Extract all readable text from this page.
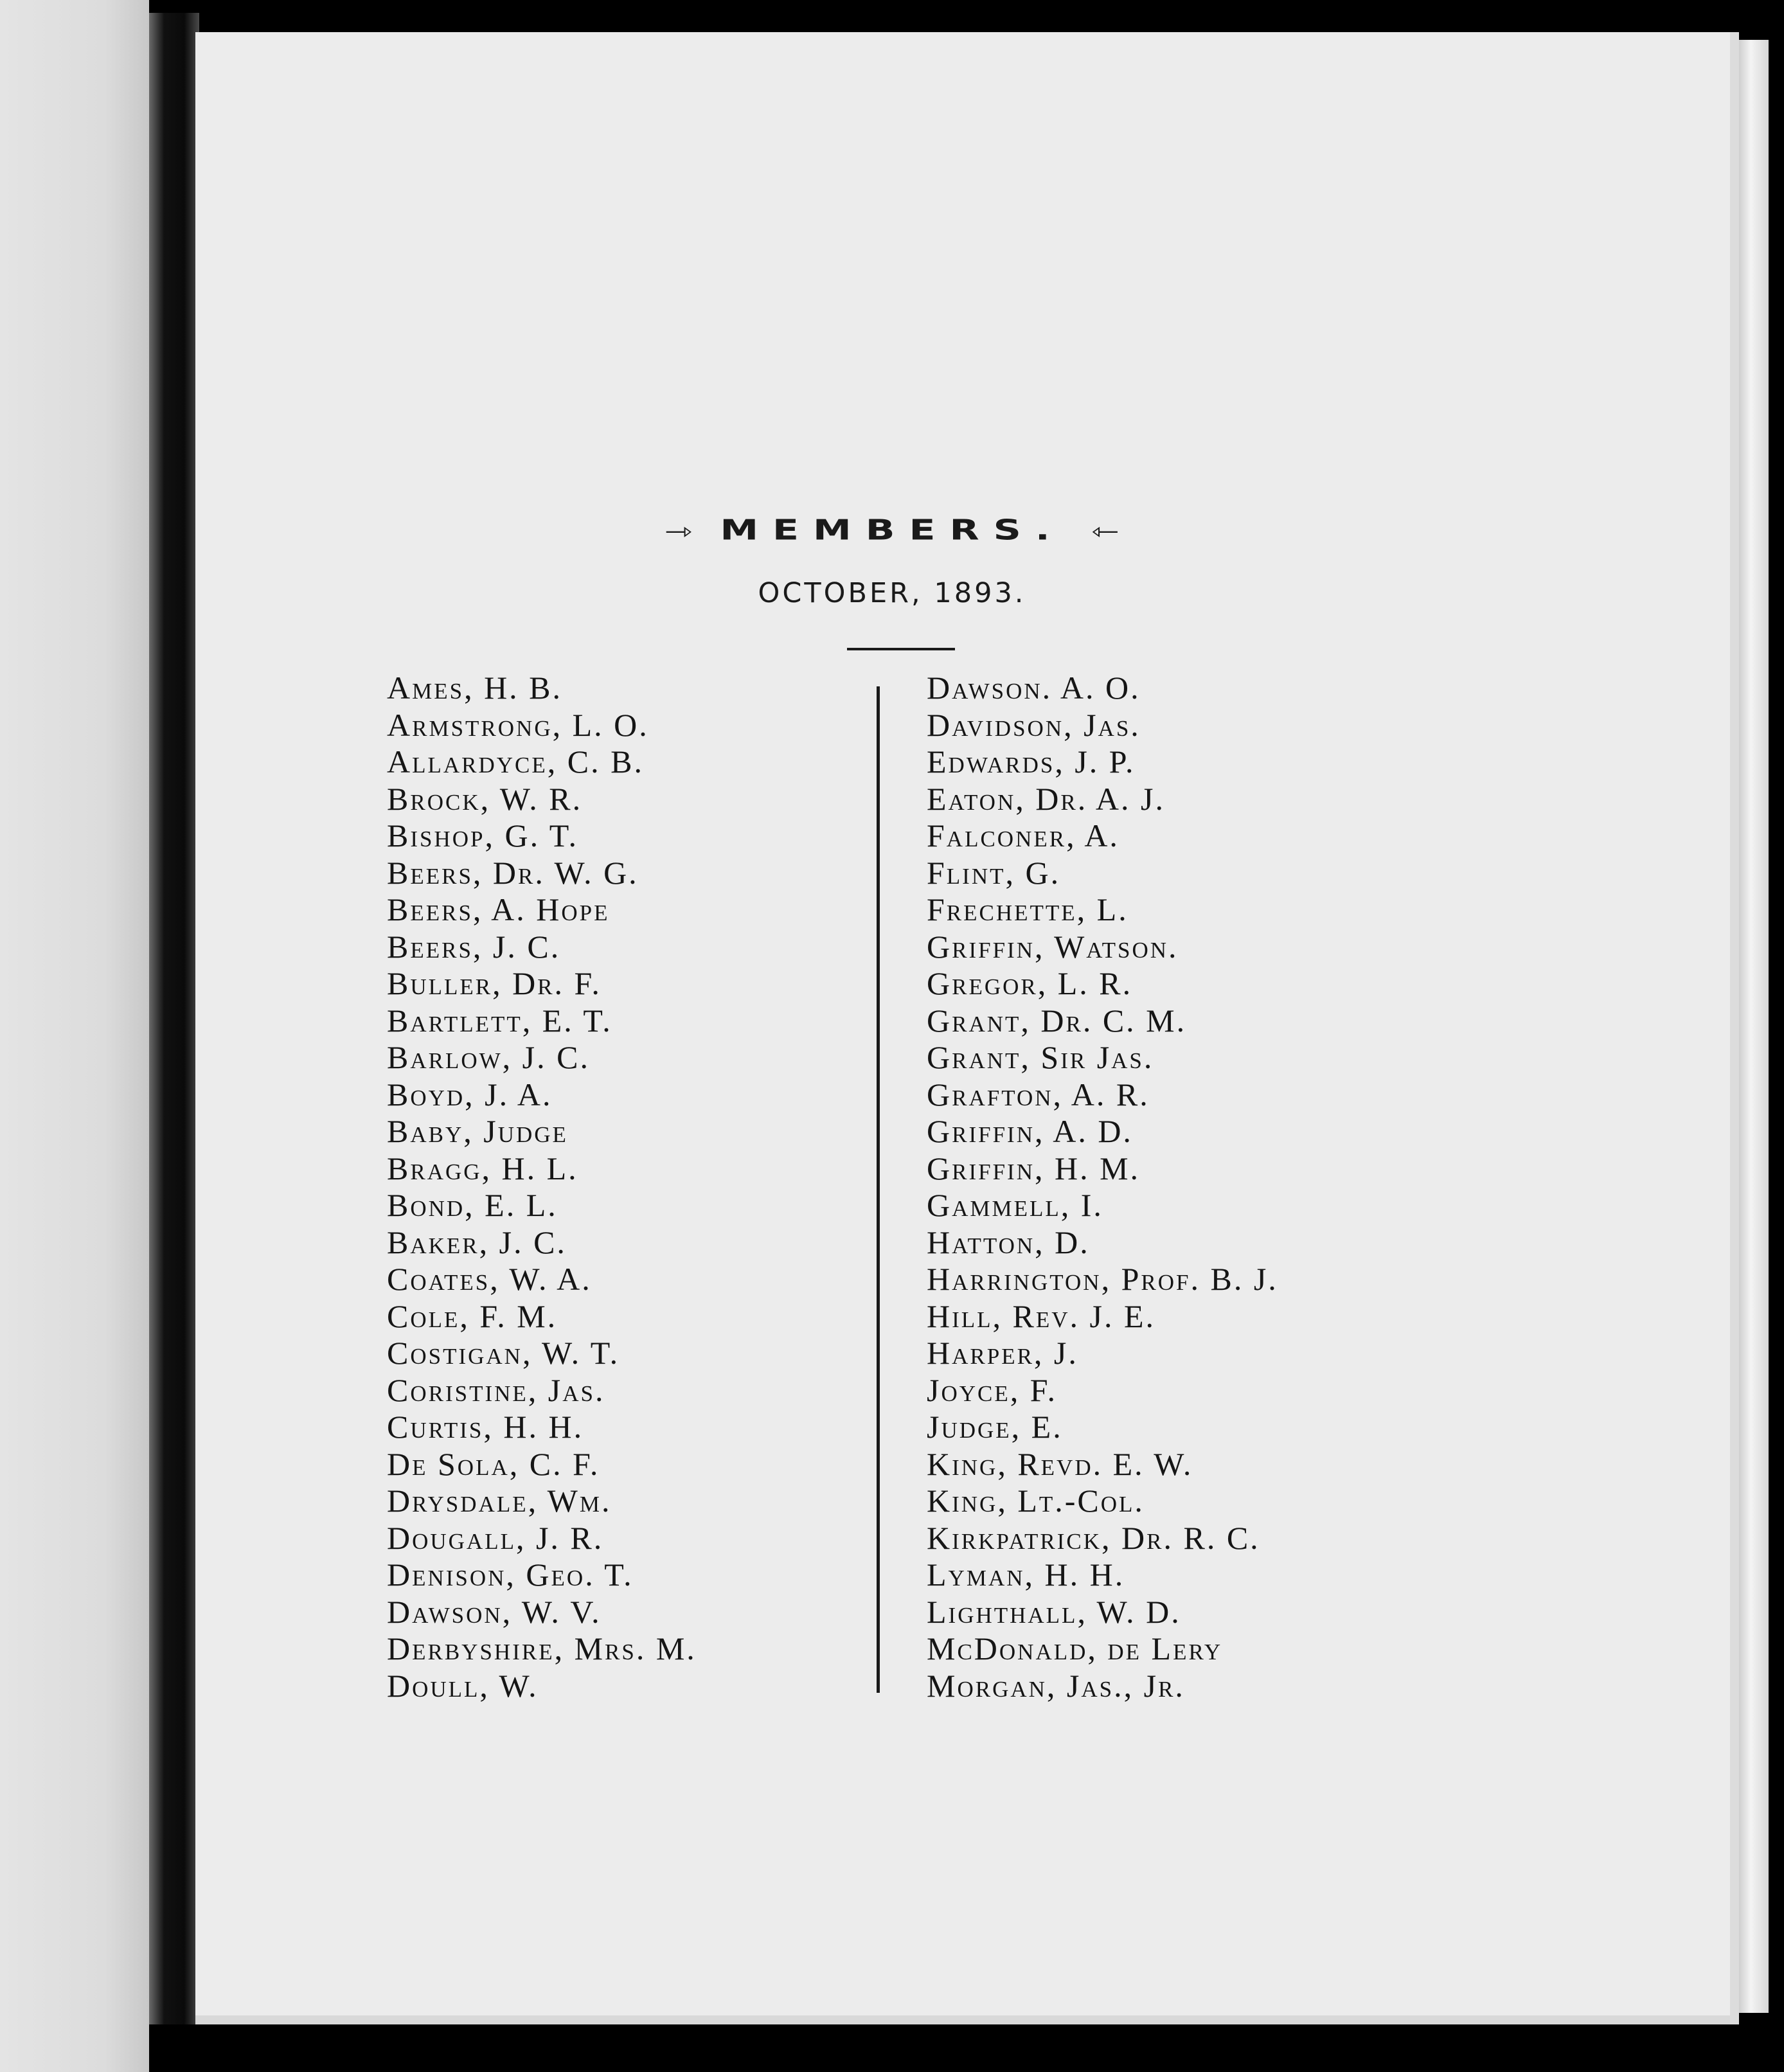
⇾ MEMBERS. ⇽
OCTOBER, 1893.
Ames, H. B.
Armstrong, L. O.
Allardyce, C. B.
Brock, W. R.
Bishop, G. T.
Beers, Dr. W. G.
Beers, A. Hope
Beers, J. C.
Buller, Dr. F.
Bartlett, E. T.
Barlow, J. C.
Boyd, J. A.
Baby, Judge
Bragg, H. L.
Bond, E. L.
Baker, J. C.
Coates, W. A.
Cole, F. M.
Costigan, W. T.
Coristine, Jas.
Curtis, H. H.
De Sola, C. F.
Drysdale, Wm.
Dougall, J. R.
Denison, Geo. T.
Dawson, W. V.
Derbyshire, Mrs. M.
Doull, W.
Dawson. A. O.
Davidson, Jas.
Edwards, J. P.
Eaton, Dr. A. J.
Falconer, A.
Flint, G.
Frechette, L.
Griffin, Watson.
Gregor, L. R.
Grant, Dr. C. M.
Grant, Sir Jas.
Grafton, A. R.
Griffin, A. D.
Griffin, H. M.
Gammell, I.
Hatton, D.
Harrington, Prof. B. J.
Hill, Rev. J. E.
Harper, J.
Joyce, F.
Judge, E.
King, Revd. E. W.
King, Lt.-Col.
Kirkpatrick, Dr. R. C.
Lyman, H. H.
Lighthall, W. D.
McDonald, de Lery
Morgan, Jas., Jr.
